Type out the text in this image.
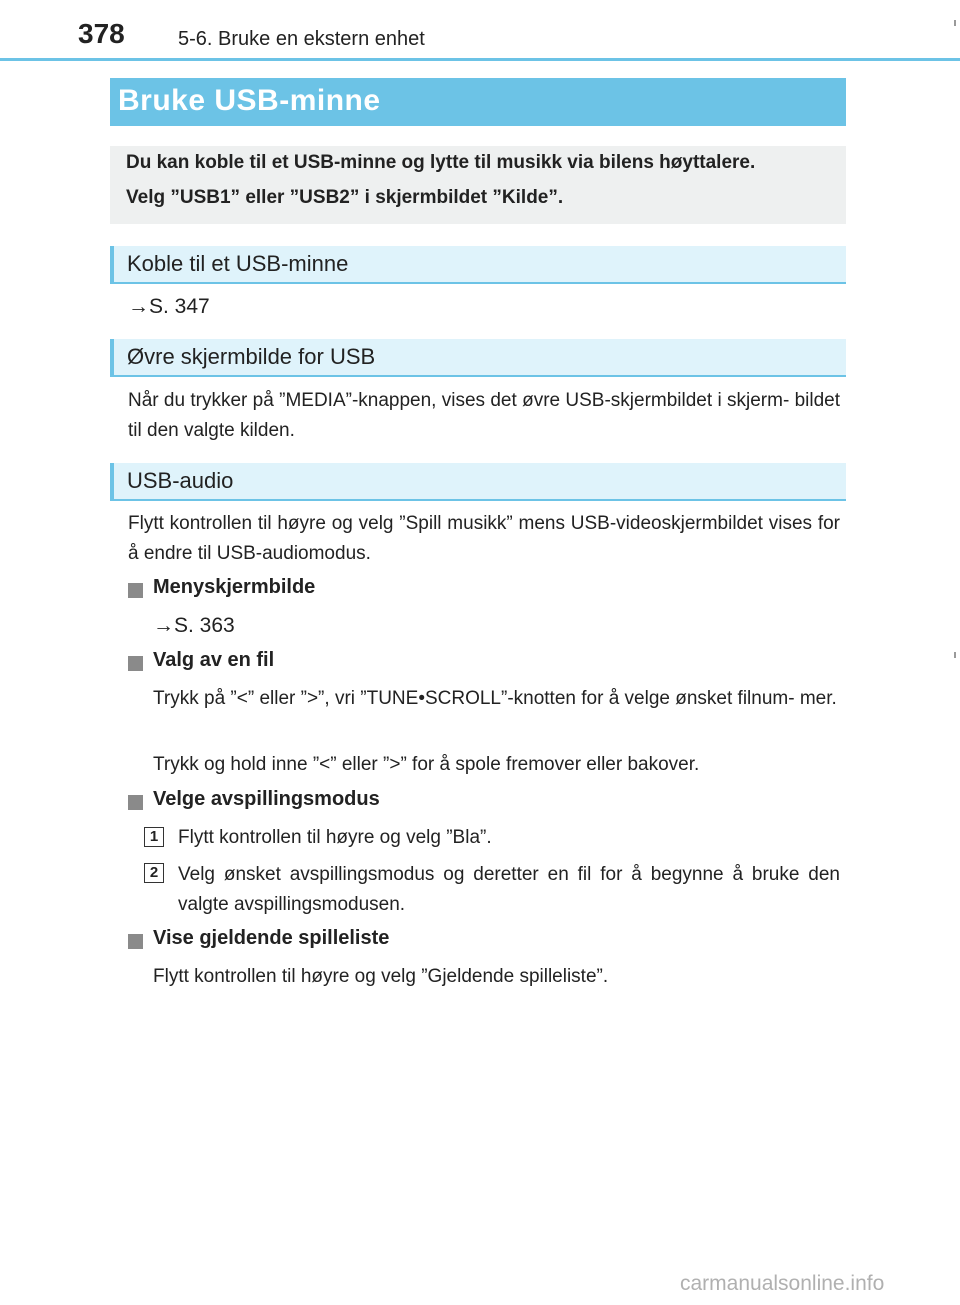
378	5-6. Bruke en ekstern enhet
Bruke USB-minne
Du kan koble til et USB-minne og lytte til musikk via bilens høyttalere.
Velg ”USB1” eller ”USB2” i skjermbildet ”Kilde”.
Koble til et USB-minne
→S. 347
Øvre skjermbilde for USB
Når du trykker på ”MEDIA”-knappen, vises det øvre USB-skjermbildet i skjerm- bildet til den valgte kilden.
USB-audio
Flytt kontrollen til høyre og velg ”Spill musikk” mens USB-videoskjermbildet vises for å endre til USB-audiomodus.
Menyskjermbilde
→S. 363
Valg av en fil
Trykk på ”<” eller ”>”, vri ”TUNE•SCROLL”-knotten for å velge ønsket filnum- mer.
Trykk og hold inne ”<” eller ”>” for å spole fremover eller bakover.
Velge avspillingsmodus
1	Flytt kontrollen til høyre og velg ”Bla”.
2	Velg ønsket avspillingsmodus og deretter en fil for å begynne å bruke den valgte avspillingsmodusen.
Vise gjeldende spilleliste
Flytt kontrollen til høyre og velg ”Gjeldende spilleliste”.
carmanualsonline.info
